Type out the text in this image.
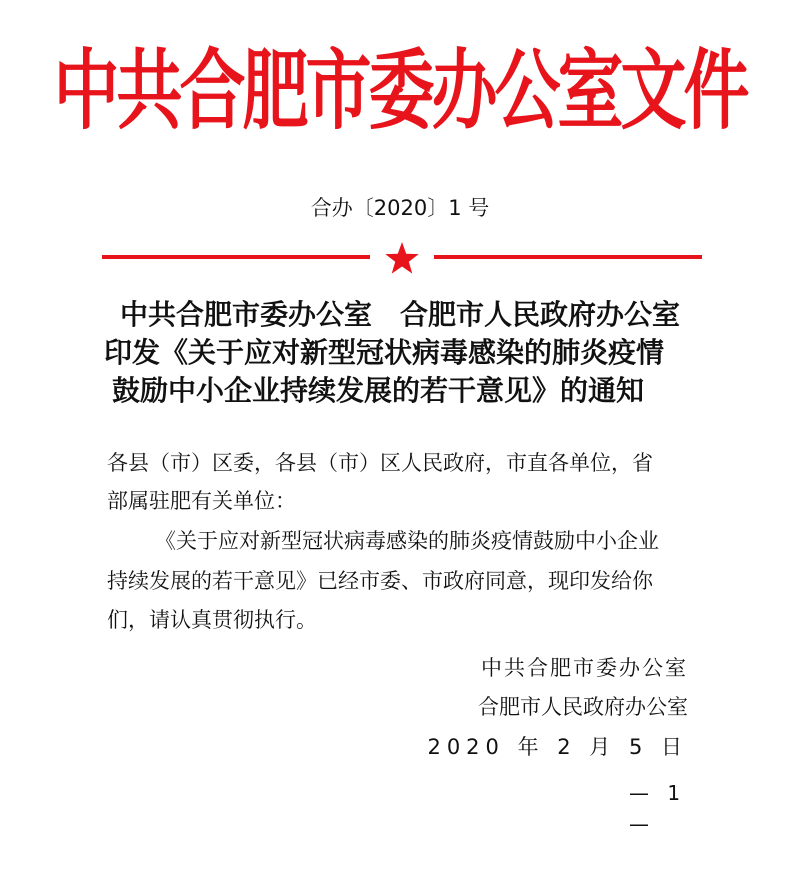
中共合肥市委办公室文件
合办〔2020〕1 号
中共合肥市委办公室　合肥市人民政府办公室
印发《关于应对新型冠状病毒感染的肺炎疫情
鼓励中小企业持续发展的若干意见》的通知
各县（市）区委，各县（市）区人民政府，市直各单位，省
部属驻肥有关单位：
《关于应对新型冠状病毒感染的肺炎疫情鼓励中小企业
持续发展的若干意见》已经市委、市政府同意，现印发给你
们，请认真贯彻执行。
中共合肥市委办公室
合肥市人民政府办公室
2020 年 2 月 5 日
— 1
—
